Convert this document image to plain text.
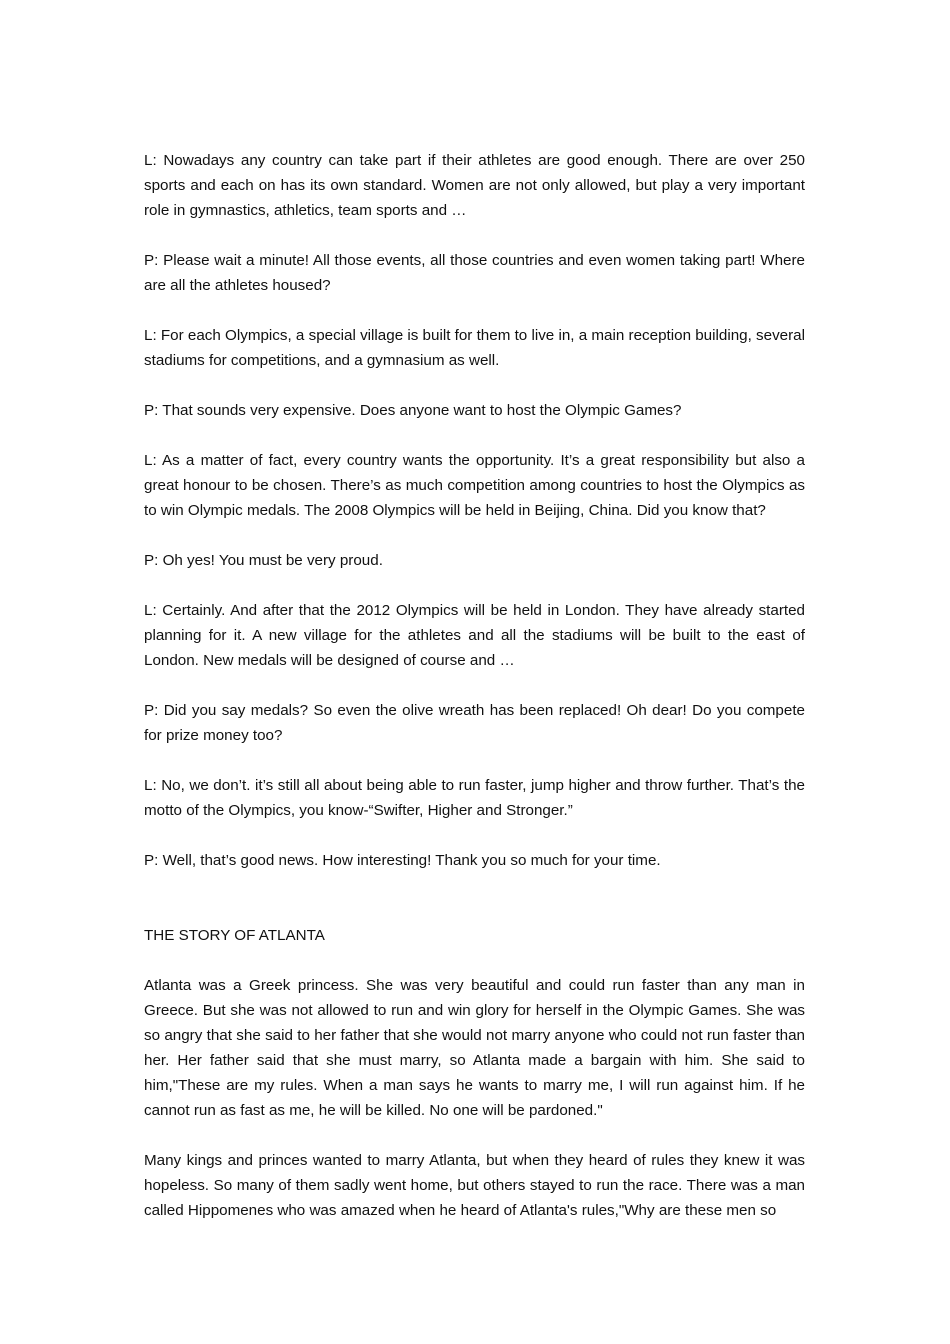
L: Nowadays any country can take part if their athletes are good enough. There are over 250 sports and each on has its own standard. Women are not only allowed, but play a very important role in gymnastics, athletics, team sports and …

P: Please wait a minute! All those events, all those countries and even women taking part! Where are all the athletes housed?

L: For each Olympics, a special village is built for them to live in, a main reception building, several stadiums for competitions, and a gymnasium as well.

P: That sounds very expensive. Does anyone want to host the Olympic Games?

L: As a matter of fact, every country wants the opportunity. It’s a great responsibility but also a great honour to be chosen. There’s as much competition among countries to host the Olympics as to win Olympic medals. The 2008 Olympics will be held in Beijing, China. Did you know that?

P: Oh yes! You must be very proud.

L: Certainly. And after that the 2012 Olympics will be held in London. They have already started planning for it. A new village for the athletes and all the stadiums will be built to the east of London. New medals will be designed of course and …

P: Did you say medals? So even the olive wreath has been replaced! Oh dear! Do you compete for prize money too?

L: No, we don’t. it’s still all about being able to run faster, jump higher and throw further. That’s the motto of the Olympics, you know-“Swifter, Higher and Stronger.”

P: Well, that’s good news. How interesting! Thank you so much for your time.

THE STORY OF ATLANTA

Atlanta was a Greek princess. She was very beautiful and could run faster than any man in Greece. But she was not allowed to run and win glory for herself in the Olympic Games. She was so angry that she said to her father that she would not marry anyone who could not run faster than her. Her father said that she must marry, so Atlanta made a bargain with him. She said to him,"These are my rules. When a man says he wants to marry me, I will run against him. If he cannot run as fast as me, he will be killed. No one will be pardoned."

Many kings and princes wanted to marry Atlanta, but when they heard of rules they knew it was hopeless. So many of them sadly went home, but others stayed to run the race. There was a man called Hippomenes who was amazed when he heard of Atlanta's rules,"Why are these men so
